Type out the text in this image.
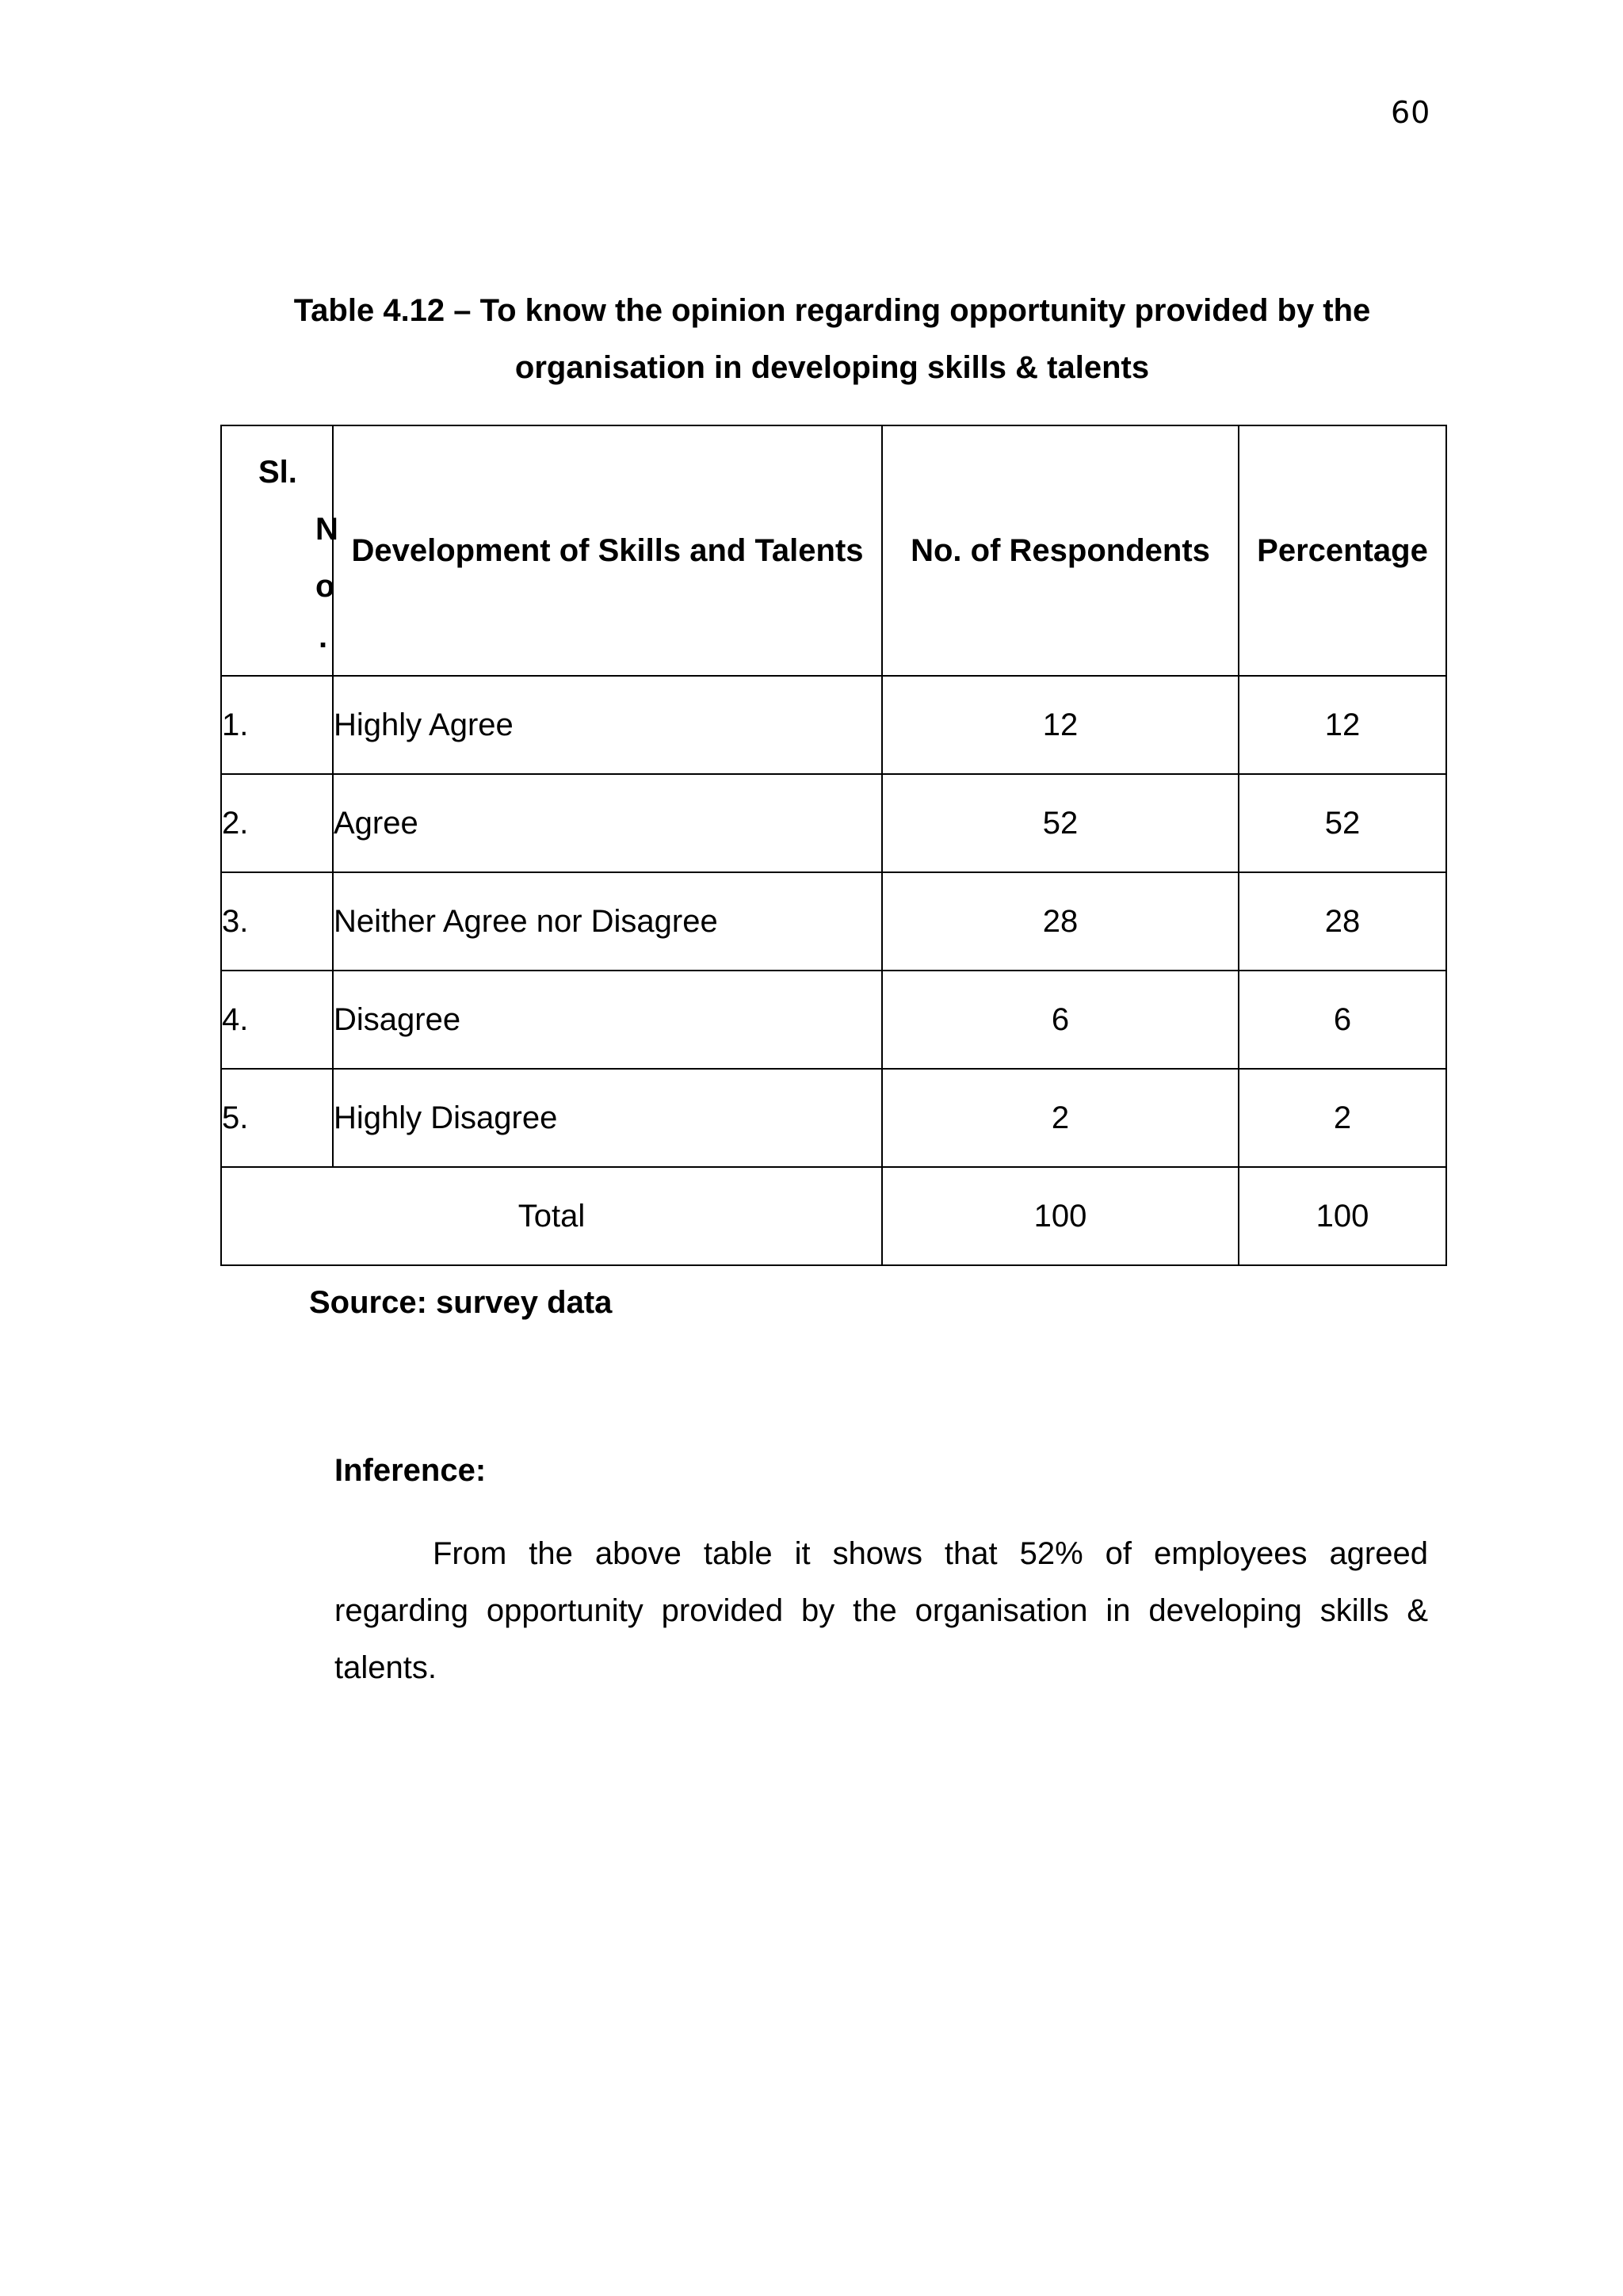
60
Table 4.12 – To know the opinion regarding opportunity provided by the
organisation in developing skills & talents
Sl.
N
o
.	Development of Skills and Talents	No. of Respondents	Percentage
1.	Highly Agree	12	12
2.	Agree	52	52
3.	Neither Agree nor Disagree	28	28
4.	Disagree	6	6
5.	Highly Disagree	2	2
Total		100	100
Source: survey data
Inference:
From the above table it shows that 52% of employees agreed regarding opportunity provided by the organisation in developing skills & talents.
